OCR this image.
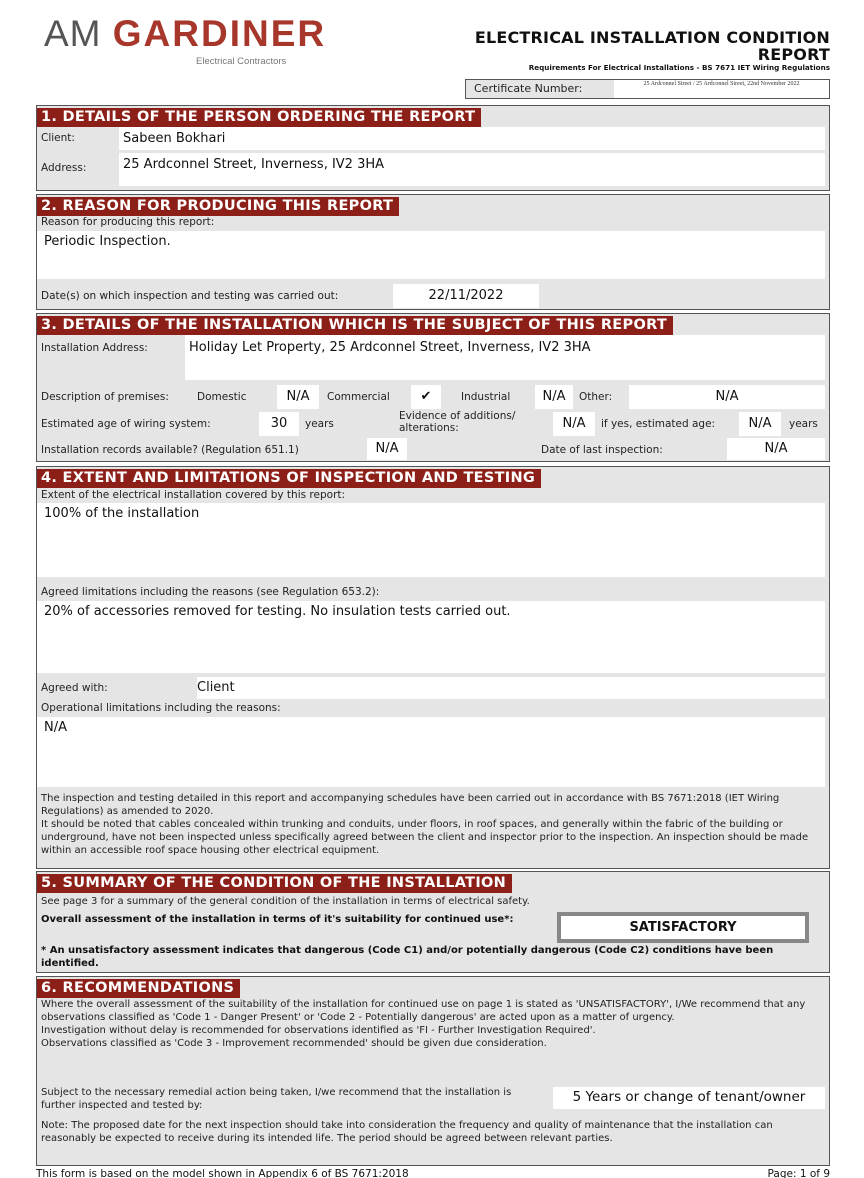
AM GARDINER
Electrical Contractors
ELECTRICAL INSTALLATION CONDITION
REPORT
Requirements For Electrical Installations - BS 7671 IET Wiring Regulations
Certificate Number:	25 Ardconnel Street / 25 Ardconnel Street, 22nd November 2022
1. DETAILS OF THE PERSON ORDERING THE REPORT
Client:	Sabeen Bokhari
Address:	25 Ardconnel Street, Inverness, IV2 3HA
2. REASON FOR PRODUCING THIS REPORT
Reason for producing this report:
Periodic Inspection.
Date(s) on which inspection and testing was carried out:	22/11/2022
3. DETAILS OF THE INSTALLATION WHICH IS THE SUBJECT OF THIS REPORT
Installation Address:	Holiday Let Property, 25 Ardconnel Street, Inverness, IV2 3HA
Description of premises:	Domestic	N/A	Commercial	✔	Industrial	N/A	Other:	N/A
Estimated age of wiring system:	30	years
Evidence of additions/
alterations:	N/A	if yes, estimated age:	N/A	years
Installation records available? (Regulation 651.1)	N/A	Date of last inspection:	N/A
4. EXTENT AND LIMITATIONS OF INSPECTION AND TESTING
Extent of the electrical installation covered by this report:
100% of the installation
Agreed limitations including the reasons (see Regulation 653.2):
20% of accessories removed for testing. No insulation tests carried out.
Agreed with:	Client
Operational limitations including the reasons:
N/A
The inspection and testing detailed in this report and accompanying schedules have been carried out in accordance with BS 7671:2018 (IET Wiring Regulations) as amended to 2020.
It should be noted that cables concealed within trunking and conduits, under floors, in roof spaces, and generally within the fabric of the building or underground, have not been inspected unless specifically agreed between the client and inspector prior to the inspection. An inspection should be made within an accessible roof space housing other electrical equipment.
5. SUMMARY OF THE CONDITION OF THE INSTALLATION
See page 3 for a summary of the general condition of the installation in terms of electrical safety.
Overall assessment of the installation in terms of it's suitability for continued use*:
SATISFACTORY
* An unsatisfactory assessment indicates that dangerous (Code C1) and/or potentially dangerous (Code C2) conditions have been identified.
6. RECOMMENDATIONS
Where the overall assessment of the suitability of the installation for continued use on page 1 is stated as 'UNSATISFACTORY', I/We recommend that any observations classified as 'Code 1 - Danger Present' or 'Code 2 - Potentially dangerous' are acted upon as a matter of urgency.
Investigation without delay is recommended for observations identified as 'FI - Further Investigation Required'.
Observations classified as 'Code 3 - Improvement recommended' should be given due consideration.
Subject to the necessary remedial action being taken, I/we recommend that the installation is further inspected and tested by:
5 Years or change of tenant/owner
Note: The proposed date for the next inspection should take into consideration the frequency and quality of maintenance that the installation can reasonably be expected to receive during its intended life. The period should be agreed between relevant parties.
This form is based on the model shown in Appendix 6 of BS 7671:2018	Page: 1 of 9
